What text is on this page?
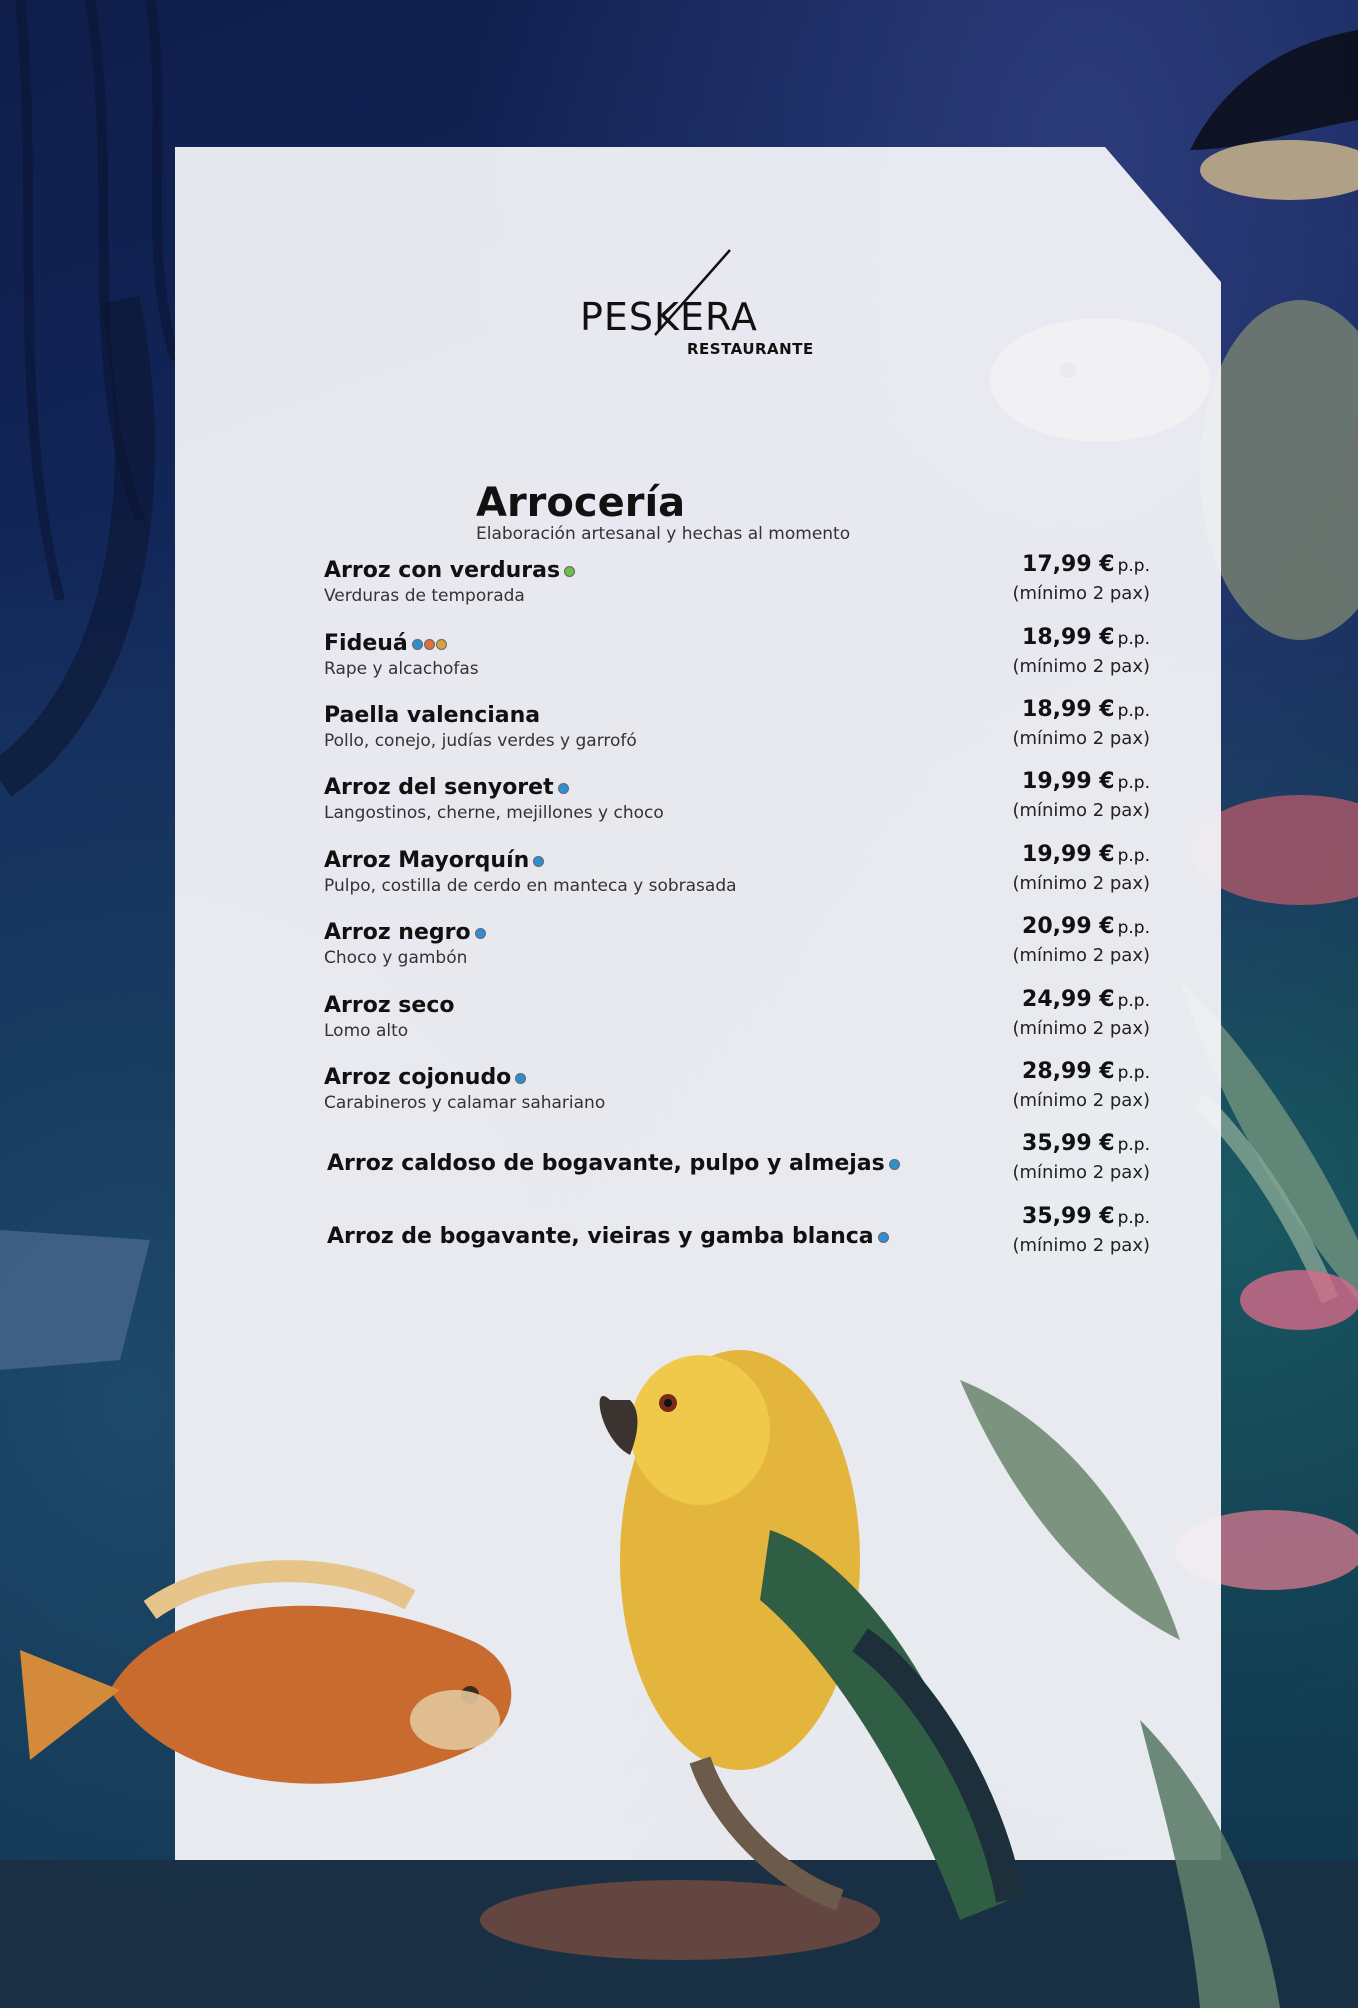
PESKERA
RESTAURANTE
Arrocería
Elaboración artesanal y hechas al momento
Arroz con verduras
Verduras de temporada
17,99 € p.p.
(mínimo 2 pax)
Fideuá
Rape y alcachofas
18,99 € p.p.
(mínimo 2 pax)
Paella valenciana
Pollo, conejo, judías verdes y garrofó
18,99 € p.p.
(mínimo 2 pax)
Arroz del senyoret
Langostinos, cherne, mejillones y choco
19,99 € p.p.
(mínimo 2 pax)
Arroz Mayorquín
Pulpo, costilla de cerdo en manteca y sobrasada
19,99 € p.p.
(mínimo 2 pax)
Arroz negro
Choco y gambón
20,99 € p.p.
(mínimo 2 pax)
Arroz seco
Lomo alto
24,99 € p.p.
(mínimo 2 pax)
Arroz cojonudo
Carabineros y calamar sahariano
28,99 € p.p.
(mínimo 2 pax)
Arroz caldoso de bogavante, pulpo y almejas
35,99 € p.p.
(mínimo 2 pax)
Arroz de bogavante, vieiras y gamba blanca
35,99 € p.p.
(mínimo 2 pax)
